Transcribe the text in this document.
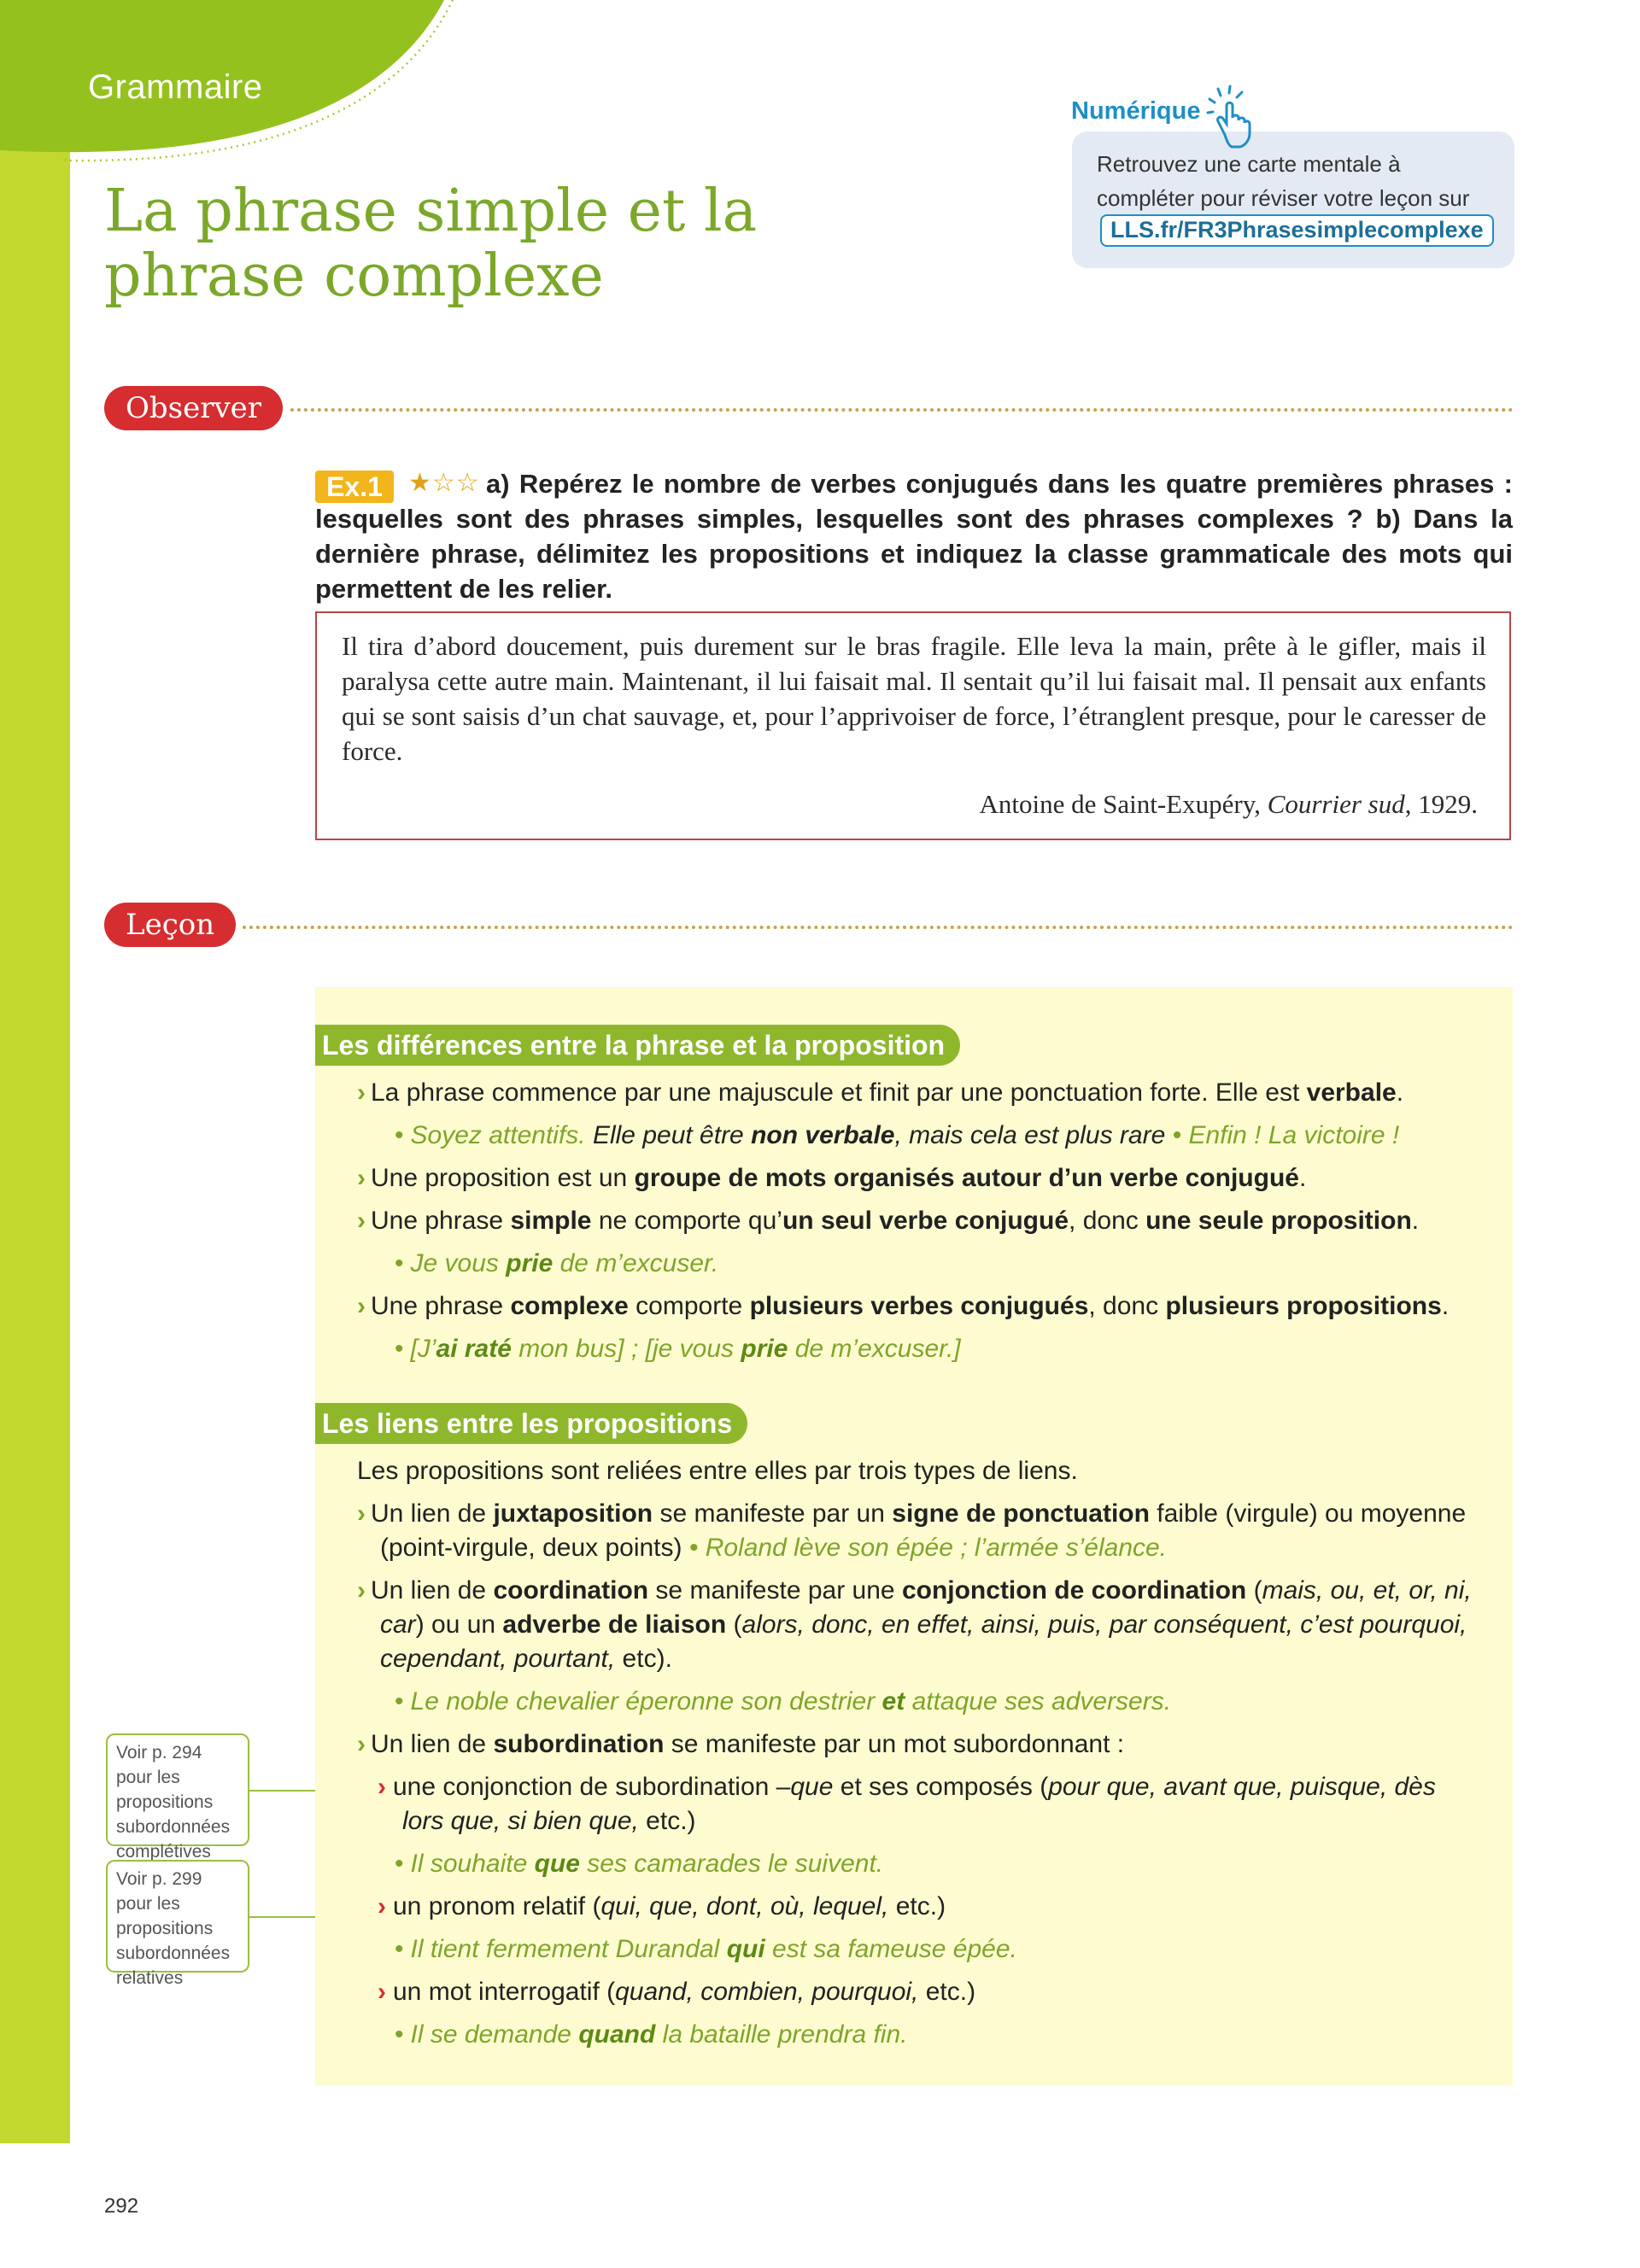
Grammaire
La phrase simple et la phrase complexe
Numérique
Retrouvez une carte mentale à
compléter pour réviser votre leçon sur
LLS.fr/FR3Phrasesimplecomplexe
Observer
a) Repérez le nombre de verbes conjugués dans les quatre premières phrases : lesquelles sont des phrases simples, lesquelles sont des phrases complexes ? b) Dans la dernière phrase, délimitez les propositions et indiquez la classe grammaticale des mots qui permettent de les relier.
Ex.1	★☆☆
Il tira d’abord doucement, puis durement sur le bras fragile. Elle leva la main, prête à le gifler, mais il paralysa cette autre main. Maintenant, il lui faisait mal. Il sentait qu’il lui faisait mal. Il pensait aux enfants qui se sont saisis d’un chat sauvage, et, pour l’apprivoiser de force, l’étranglent presque, pour le caresser de force.
Antoine de Saint-Exupéry, Courrier sud, 1929.
Leçon
Les différences entre la phrase et la proposition
› La phrase commence par une majuscule et finit par une ponctuation forte. Elle est verbale.
• Soyez attentifs. Elle peut être non verbale, mais cela est plus rare • Enfin ! La victoire !
› Une proposition est un groupe de mots organisés autour d’un verbe conjugué.
› Une phrase simple ne comporte qu’un seul verbe conjugué, donc une seule proposition.
• Je vous prie de m’excuser.
› Une phrase complexe comporte plusieurs verbes conjugués, donc plusieurs propositions.
• [J’ai raté mon bus] ; [je vous prie de m’excuser.]
Les liens entre les propositions
Les propositions sont reliées entre elles par trois types de liens.
› Un lien de juxtaposition se manifeste par un signe de ponctuation faible (virgule) ou moyenne
(point-virgule, deux points) • Roland lève son épée ; l’armée s’élance.
› Un lien de coordination se manifeste par une conjonction de coordination (mais, ou, et, or, ni,
car) ou un adverbe de liaison (alors, donc, en effet, ainsi, puis, par conséquent, c’est pourquoi,
cependant, pourtant, etc).
• Le noble chevalier éperonne son destrier et attaque ses adversers.
› Un lien de subordination se manifeste par un mot subordonnant :
› une conjonction de subordination –que et ses composés (pour que, avant que, puisque, dès
lors que, si bien que, etc.)
• Il souhaite que ses camarades le suivent.
› un pronom relatif (qui, que, dont, où, lequel, etc.)
• Il tient fermement Durandal qui est sa fameuse épée.
› un mot interrogatif (quand, combien, pourquoi, etc.)
• Il se demande quand la bataille prendra fin.
Voir p. 294 pour les propositions subordonnées complétives
Voir p. 299 pour les propositions subordonnées relatives
292
